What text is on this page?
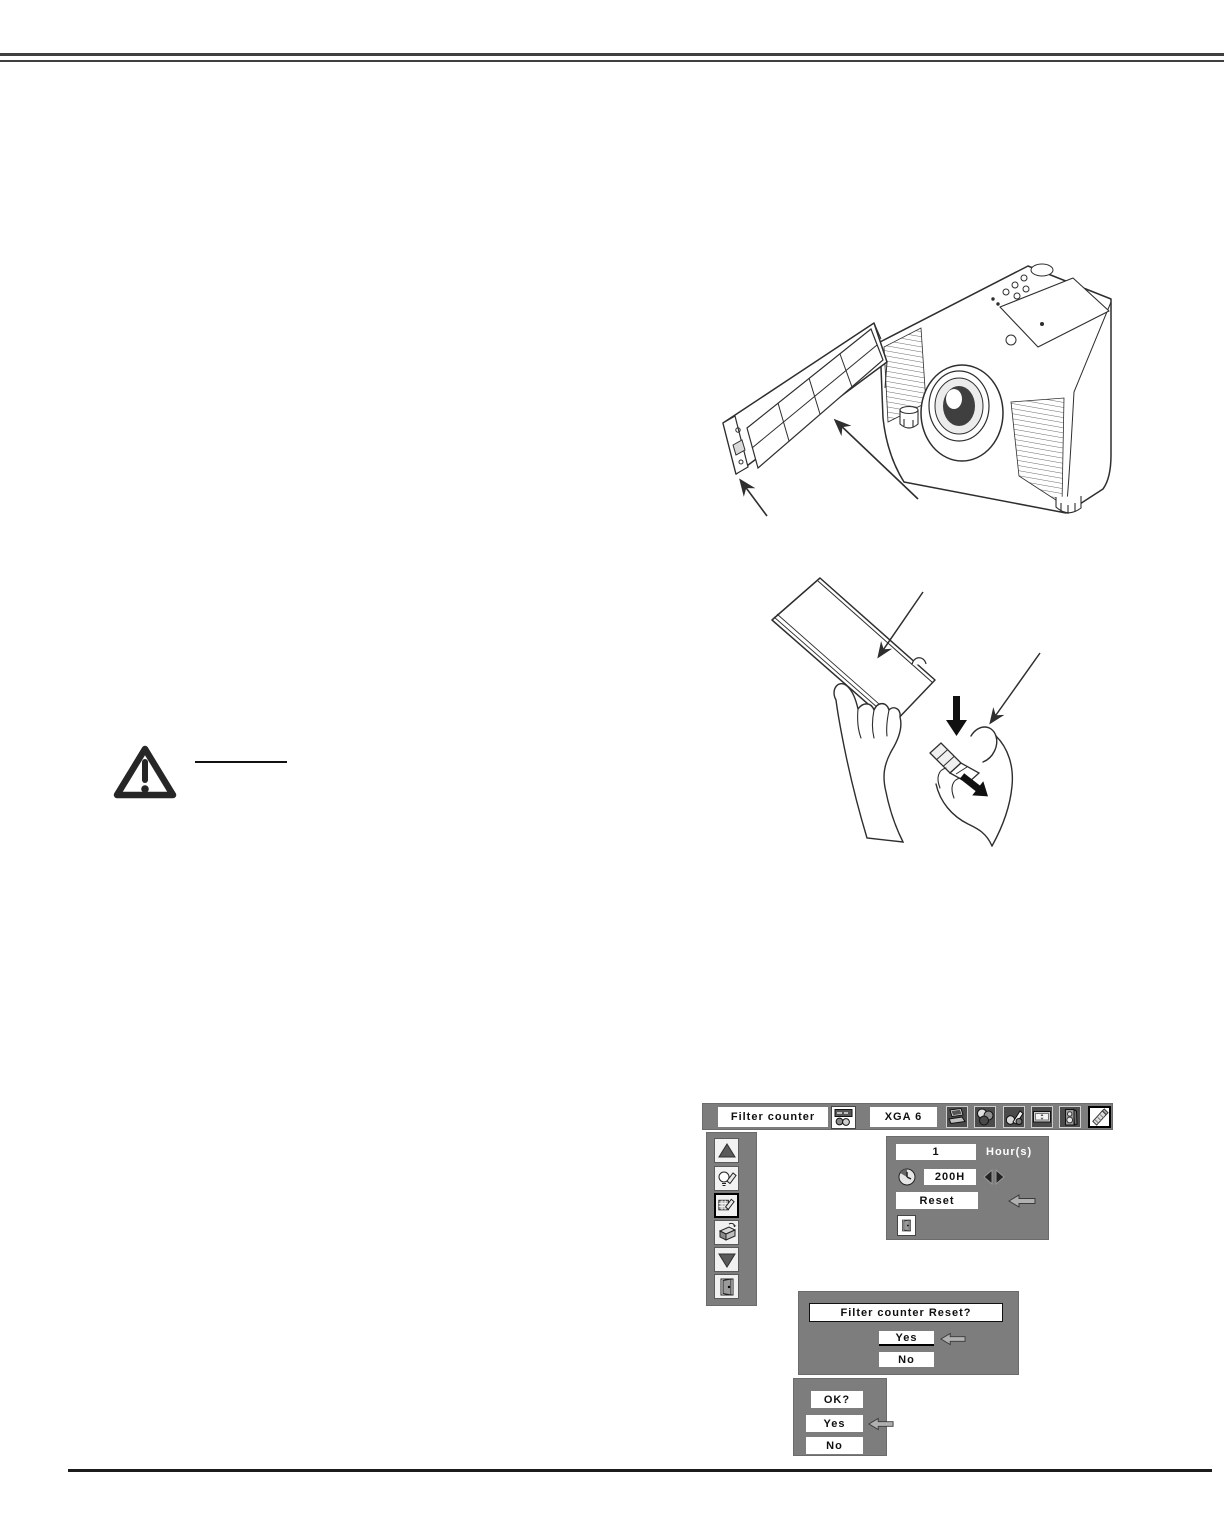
Filter counter	XGA 6
1	Hour(s)
200H
Reset
Filter counter Reset?
Yes
No
OK?
Yes
No
